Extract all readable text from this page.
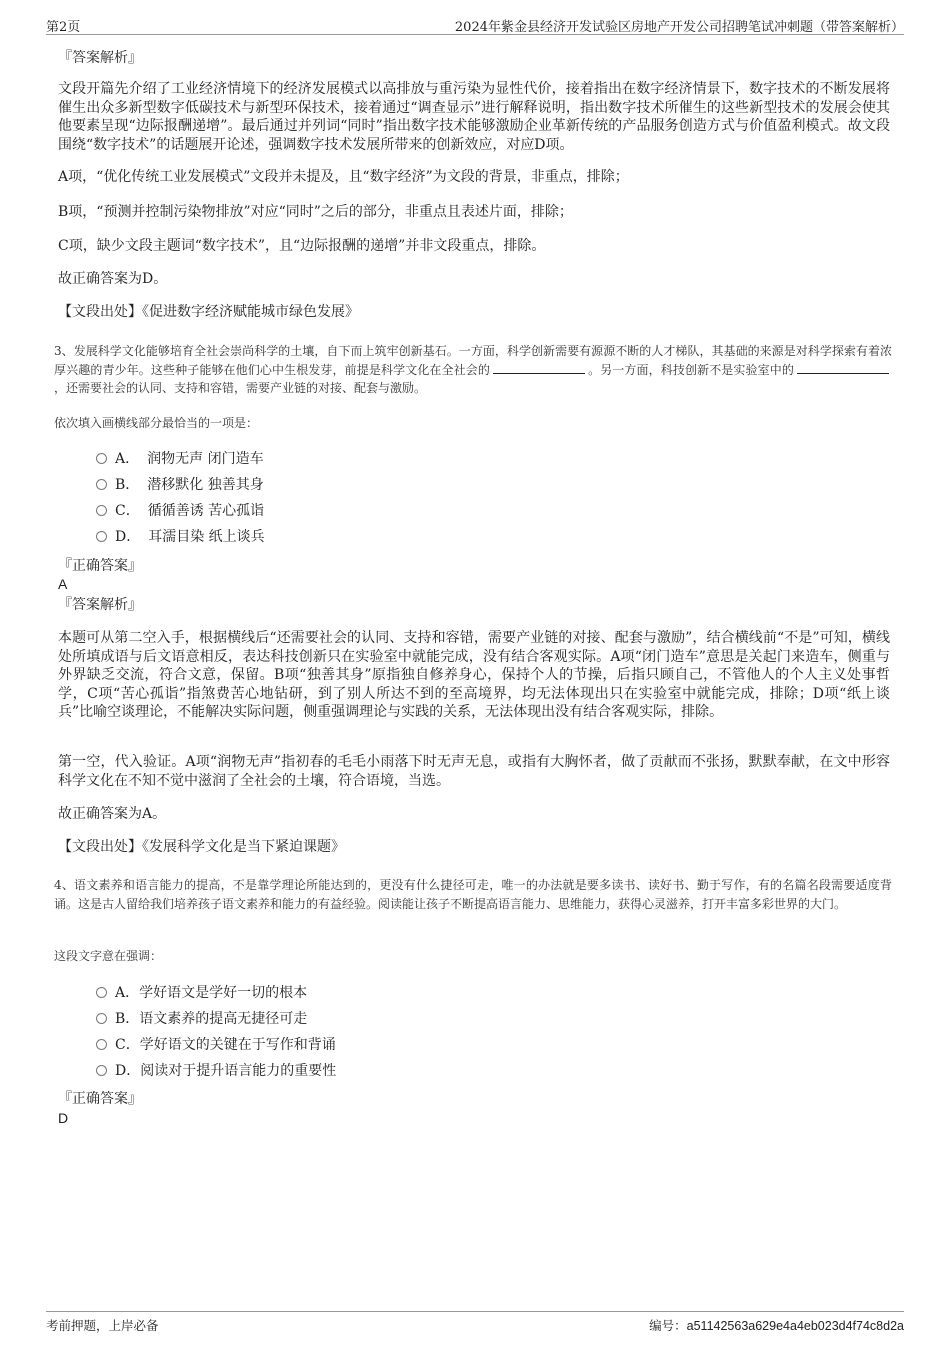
第2页	2024年紫金县经济开发试验区房地产开发公司招聘笔试冲刺题（带答案解析）
『答案解析』
文段开篇先介绍了工业经济情境下的经济发展模式以高排放与重污染为显性代价，接着指出在数字经济情景下，数字技术的不断发展将催生出众多新型数字低碳技术与新型环保技术，接着通过“调查显示”进行解释说明，指出数字技术所催生的这些新型技术的发展会使其他要素呈现“边际报酬递增”。最后通过并列词“同时”指出数字技术能够激励企业革新传统的产品服务创造方式与价值盈利模式。故文段围绕“数字技术”的话题展开论述，强调数字技术发展所带来的创新效应，对应D项。
A项，“优化传统工业发展模式”文段并未提及，且“数字经济”为文段的背景，非重点，排除；
B项，“预测并控制污染物排放”对应“同时”之后的部分，非重点且表述片面，排除；
C项，缺少文段主题词“数字技术”，且“边际报酬的递增”并非文段重点，排除。
故正确答案为D。
【文段出处】《促进数字经济赋能城市绿色发展》
3、发展科学文化能够培育全社会崇尚科学的土壤，自下而上筑牢创新基石。一方面，科学创新需要有源源不断的人才梯队，其基础的来源是对科学探索有着浓厚兴趣的青少年。这些种子能够在他们心中生根发芽，前提是科学文化在全社会的	。另一方面，科技创新不是实验室中的，还需要社会的认同、支持和容错，需要产业链的对接、配套与激励。
依次填入画横线部分最恰当的一项是：
A． 润物无声 闭门造车
B． 潜移默化 独善其身
C． 循循善诱 苦心孤诣
D． 耳濡目染 纸上谈兵
『正确答案』
A
『答案解析』
本题可从第二空入手，根据横线后“还需要社会的认同、支持和容错，需要产业链的对接、配套与激励”，结合横线前“不是”可知，横线处所填成语与后文语意相反，表达科技创新只在实验室中就能完成，没有结合客观实际。A项“闭门造车”意思是关起门来造车，侧重与外界缺乏交流，符合文意，保留。B项“独善其身”原指独自修养身心，保持个人的节操，后指只顾自己，不管他人的个人主义处事哲学，C项“苦心孤诣”指煞费苦心地钻研，到了别人所达不到的至高境界，均无法体现出只在实验室中就能完成，排除；D项“纸上谈兵”比喻空谈理论，不能解决实际问题，侧重强调理论与实践的关系，无法体现出没有结合客观实际，排除。
第一空，代入验证。A项“润物无声”指初春的毛毛小雨落下时无声无息，或指有大胸怀者，做了贡献而不张扬，默默奉献，在文中形容科学文化在不知不觉中滋润了全社会的土壤，符合语境，当选。
故正确答案为A。
【文段出处】《发展科学文化是当下紧迫课题》
4、语文素养和语言能力的提高，不是靠学理论所能达到的，更没有什么捷径可走，唯一的办法就是要多读书、读好书、勤于写作，有的名篇名段需要适度背诵。这是古人留给我们培养孩子语文素养和能力的有益经验。阅读能让孩子不断提高语言能力、思维能力，获得心灵滋养，打开丰富多彩世界的大门。
这段文字意在强调：
A．学好语文是学好一切的根本
B．语文素养的提高无捷径可走
C．学好语文的关键在于写作和背诵
D．阅读对于提升语言能力的重要性
『正确答案』
D
考前押题，上岸必备	编号：a51142563a629e4a4eb023d4f74c8d2a
